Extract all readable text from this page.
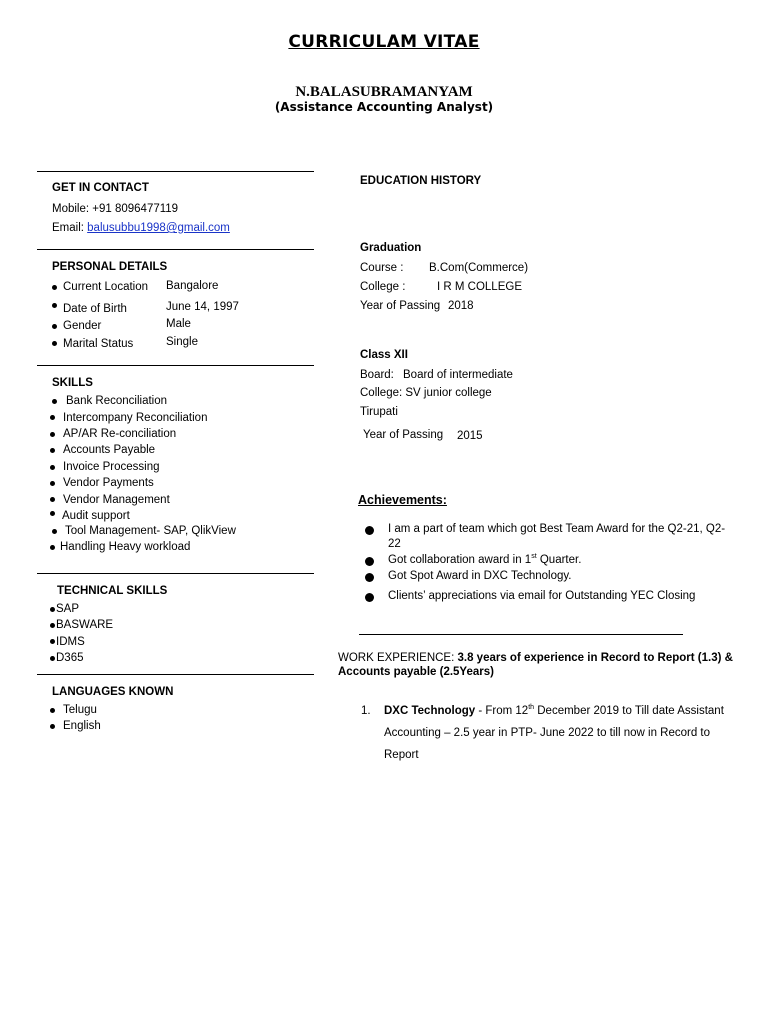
CURRICULAM VITAE
N.BALASUBRAMANYAM
(Assistance Accounting Analyst)
GET IN CONTACT
Mobile: +91 8096477119
Email: balusubbu1998@gmail.com
PERSONAL DETAILS
Current Location Bangalore
Date of Birth	June 14, 1997
Gender	Male
Marital Status	Single
SKILLS
Bank Reconciliation
Intercompany Reconciliation
AP/AR Re-conciliation
Accounts Payable
Invoice Processing
Vendor Payments
Vendor Management
Audit support
Tool Management- SAP, QlikView
Handling Heavy workload
TECHNICAL SKILLS
SAP
BASWARE
IDMS
D365
LANGUAGES KNOWN
Telugu
English
EDUCATION HISTORY
Graduation
Course : B.Com(Commerce)
College :	I R M COLLEGE
Year of Passing 2018
Class XII
Board: Board of intermediate
College: SV junior college
Tirupati
Year of Passing 2015
Achievements:
I am a part of team which got Best Team Award for the Q2-21, Q2-
22
Got collaboration award in 1st Quarter.
Got Spot Award in DXC Technology.
Clients’ appreciations via email for Outstanding YEC Closing
WORK EXPERIENCE: 3.8 years of experience in Record to Report (1.3) &
Accounts payable (2.5Years)
1. DXC Technology - From 12th December 2019 to Till date Assistant
Accounting – 2.5 year in PTP- June 2022 to till now in Record to
Report
